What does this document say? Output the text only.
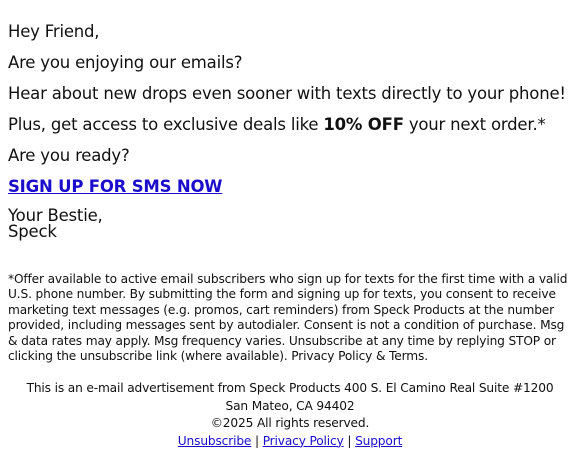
Hey Friend,
Are you enjoying our emails?
Hear about new drops even sooner with texts directly to your phone!
Plus, get access to exclusive deals like 10% OFF your next order.*
Are you ready?
SIGN UP FOR SMS NOW
Your Bestie,
Speck
*Offer available to active email subscribers who sign up for texts for the first time with a valid U.S. phone number. By submitting the form and signing up for texts, you consent to receive marketing text messages (e.g. promos, cart reminders) from Speck Products at the number provided, including messages sent by autodialer. Consent is not a condition of purchase. Msg & data rates may apply. Msg frequency varies. Unsubscribe at any time by replying STOP or clicking the unsubscribe link (where available). Privacy Policy & Terms.
This is an e-mail advertisement from Speck Products 400 S. El Camino Real Suite #1200 San Mateo, CA 94402
©2025 All rights reserved.
Unsubscribe | Privacy Policy | Support
